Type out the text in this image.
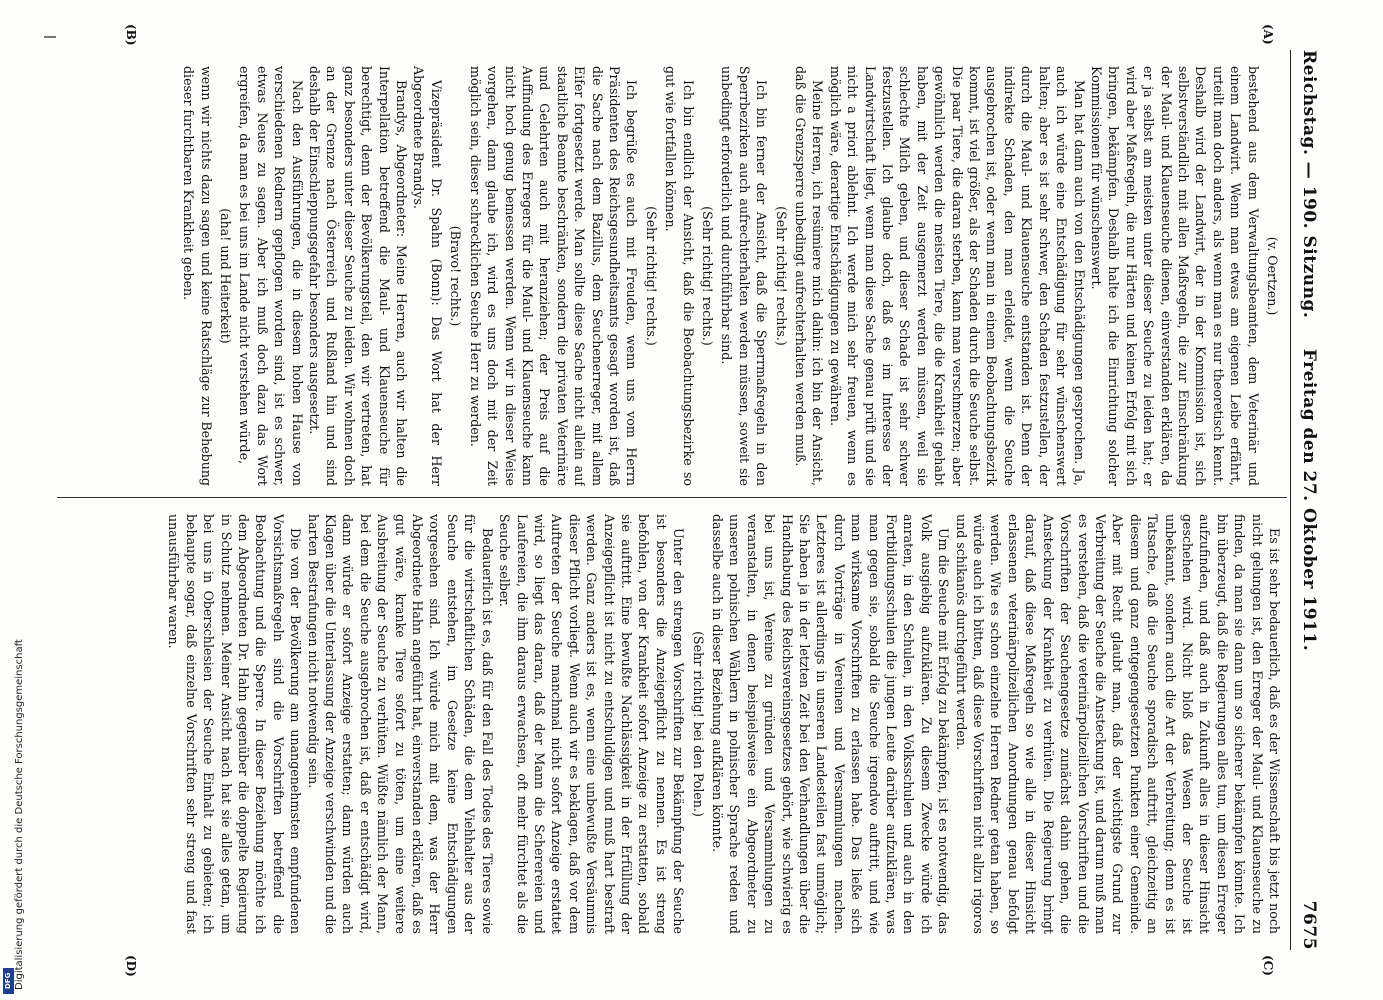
Reichstag. — 190. Sitzung.
Freitag den 27. Oktober 1911.
7675
(C)
(D)
(A)
(B)

(v. Oertzen.)

bestehend aus dem Verwaltungsbeamten, dem Veterinär und einem Landwirt. Wenn man etwas am eigenen Leibe erfährt, urteilt man doch anders, als wenn man es nur theoretisch kennt. Deshalb wird der Landwirt, der in der Kommission ist, sich selbstverständlich mit allen Maßregeln, die zur Einschränkung der Maul- und Klauenseuche dienen, einverstanden erklären, da er ja selbst am meisten unter dieser Seuche zu leiden hat; er wird aber Maßregeln, die nur Härten und keinen Erfolg mit sich bringen, bekämpfen. Deshalb halte ich die Einrichtung solcher Kommissionen für wünschenswert.

Man hat dann auch von den Entschädigungen gesprochen. Ja, auch ich würde eine Entschädigung für sehr wünschenswert halten; aber es ist sehr schwer, den Schaden festzustellen, der durch die Maul- und Klauenseuche entstanden ist. Denn der indirekte Schaden, den man erleidet, wenn die Seuche ausgebrochen ist, oder wenn man in einem Beobachtungsbezirk kommt, ist viel größer, als der Schaden durch die Seuche selbst. Die paar Tiere, die daran sterben, kann man verschmerzen; aber gewöhnlich werden die meisten Tiere, die die Krankheit gehabt haben, mit der Zeit ausgemerzt werden müssen, weil sie schlechte Milch geben, und dieser Schade ist sehr schwer festzustellen. Ich glaube doch, daß es im Interesse der Landwirtschaft liegt, wenn man diese Sache genau prüft und sie nicht a priori ablehnt. Ich werde mich sehr freuen, wenn es möglich wäre, derartige Entschädigungen zu gewähren.

Meine Herren, ich resümiere mich dahin: ich bin der Ansicht, daß die Grenzsperre unbedingt aufrechterhalten werden muß.

(Sehr richtig! rechts.)

Ich bin ferner der Ansicht, daß die Sperrmaßregeln in den Sperrbezirken auch aufrechterhalten werden müssen, soweit sie unbedingt erforderlich und durchführbar sind.

(Sehr richtig! rechts.)

Ich bin endlich der Ansicht, daß die Beobachtungsbezirke so gut wie fortfallen können.

(Sehr richtig! rechts.)

Ich begrüße es auch mit Freuden, wenn uns vom Herrn Präsidenten des Reichsgesundheitsamts gesagt worden ist, daß die Sache nach dem Bazillus, dem Seuchenerreger, mit allem Eifer fortgesetzt werde. Man sollte diese Sache nicht allein auf staatliche Beamte beschränken, sondern die privaten Veterinäre und Gelehrten auch mit heranziehen; der Preis auf die Auffindung des Erregers für die Maul- und Klauenseuche kann nicht hoch genug bemessen werden. Wenn wir in dieser Weise vorgehen, dann glaube ich, wird es uns doch mit der Zeit möglich sein, dieser schrecklichen Seuche Herr zu werden.

(Bravo! rechts.)

Vizepräsident Dr. Spahn (Bonn): Das Wort hat der Herr Abgeordnete Brandys.

Brandys, Abgeordneter: Meine Herren, auch wir halten die Interpellation betreffend die Maul- und Klauenseuche für berechtigt, denn der Bevölkerungsteil, den wir vertreten, hat ganz besonders unter dieser Seuche zu leiden. Wir wohnen doch an der Grenze nach Österreich und Rußland hin und sind deshalb der Einschleppungsgefahr besonders ausgesetzt.

Nach den Ausführungen, die in diesem hohen Hause von verschiedenen Rednern gepflogen worden sind, ist es schwer, etwas Neues zu sagen. Aber ich muß doch dazu das Wort ergreifen, da man es bei uns im Lande nicht verstehen würde,

(aha! und Heiterkeit)

wenn wir nichts dazu sagen und keine Ratschläge zur Behebung dieser furchtbaren Krankheit geben.

Es ist sehr bedauerlich, daß es der Wissenschaft bis jetzt noch nicht gelungen ist, den Erreger der Maul- und Klauenseuche zu finden, da man sie dann um so sicherer bekämpfen könnte. Ich bin überzeugt, daß die Regierungen alles tun, um diesen Erreger aufzufinden, und daß auch in Zukunft alles in dieser Hinsicht geschehen wird. Nicht bloß das Wesen der Seuche ist unbekannt, sondern auch die Art der Verbreitung; denn es ist Tatsache, daß die Seuche sporadisch auftritt, gleichzeitig an diesem und ganz entgegengesetzten Punkten einer Gemeinde. Aber mit Recht glaubt man, daß der wichtigste Grund zur Verbreitung der Seuche die Ansteckung ist, und darum muß man es verstehen, daß die veterinärpolizeilichen Vorschriften und die Vorschriften der Seuchengesetze zunächst dahin gehen, die Ansteckung der Krankheit zu verhüten. Die Regierung bringt darauf, daß diese Maßregeln so wie alle in dieser Hinsicht erlassenen veterinärpolizeilichen Anordnungen genau befolgt werden. Wie es schon einzelne Herren Redner getan haben, so würde auch ich bitten, daß diese Vorschriften nicht allzu rigoros und schikanös durchgeführt werden.

Um die Seuche mit Erfolg zu bekämpfen, ist es notwendig, das Volk ausgiebig aufzuklären. Zu diesem Zwecke würde ich anraten, in den Schulen, in den Volksschulen und auch in den Fortbildungsschulen die jungen Leute darüber aufzuklären, was man gegen sie, sobald die Seuche irgendwo auftritt, und wie man wirksame Vorschriften zu erlassen habe. Das ließe sich durch Vorträge in Vereinen und Versammlungen machen. Letzteres ist allerdings in unseren Landesteilen fast unmöglich; Sie haben ja in der letzten Zeit bei den Verhandlungen über die Handhabung des Reichsvereinsgesetzes gehört, wie schwierig es bei uns ist, Vereine zu gründen und Versammlungen zu veranstalten, in denen beispielsweise ein Abgeordneter zu unseren polnischen Wählern in polnischer Sprache reden und dasselbe auch in dieser Beziehung aufklären könnte.

(Sehr richtig! bei den Polen.)

Unter den strengen Vorschriften zur Bekämpfung der Seuche ist besonders die Anzeigepflicht zu nennen. Es ist streng befohlen, von der Krankheit sofort Anzeige zu erstatten, sobald sie auftritt. Eine bewußte Nachlässigkeit in der Erfüllung der Anzeigepflicht ist nicht zu entschuldigen und muß hart bestraft werden. Ganz anders ist es, wenn eine unbewußte Versäumnis dieser Pflicht vorliegt. Wenn auch wir es beklagen, daß vor dem Auftreten der Seuche manchmal nicht sofort Anzeige erstattet wird, so liegt das daran, daß der Mann die Scherereien und Laufereien, die ihm daraus erwachsen, oft mehr fürchtet als die Seuche selber.

Bedauerlich ist es, daß für den Fall des Todes des Tieres sowie für die wirtschaftlichen Schäden, die dem Viehhalter aus der Seuche entstehen, im Gesetze keine Entschädigungen vorgesehen sind. Ich würde mich mit dem, was der Herr Abgeordnete Hahn angeführt hat, einverstanden erklären, daß es gut wäre, kranke Tiere sofort zu töten, um eine weitere Ausbreitung der Seuche zu verhüten. Wüßte nämlich der Mann, bei dem die Seuche ausgebrochen ist, daß er entschädigt wird, dann würde er sofort Anzeige erstatten; dann würden auch Klagen über die Unterlassung der Anzeige verschwinden und die harten Bestrafungen nicht notwendig sein.

Die von der Bevölkerung am unangenehmsten empfundenen Vorsichtsmaßregeln sind die Vorschriften betreffend die Beobachtung und die Sperre. In dieser Beziehung möchte ich dem Abgeordneten Dr. Hahn gegenüber die doppelte Regierung in Schutz nehmen. Meiner Ansicht nach hat sie alles getan, um bei uns in Oberschlesien der Seuche Einhalt zu gebieten; ich behaupte sogar, daß einzelne Vorschriften sehr streng und fast unausführbar waren.

Digitalisierung gefördert durch die Deutsche Forschungsgemeinschaft
DFG
